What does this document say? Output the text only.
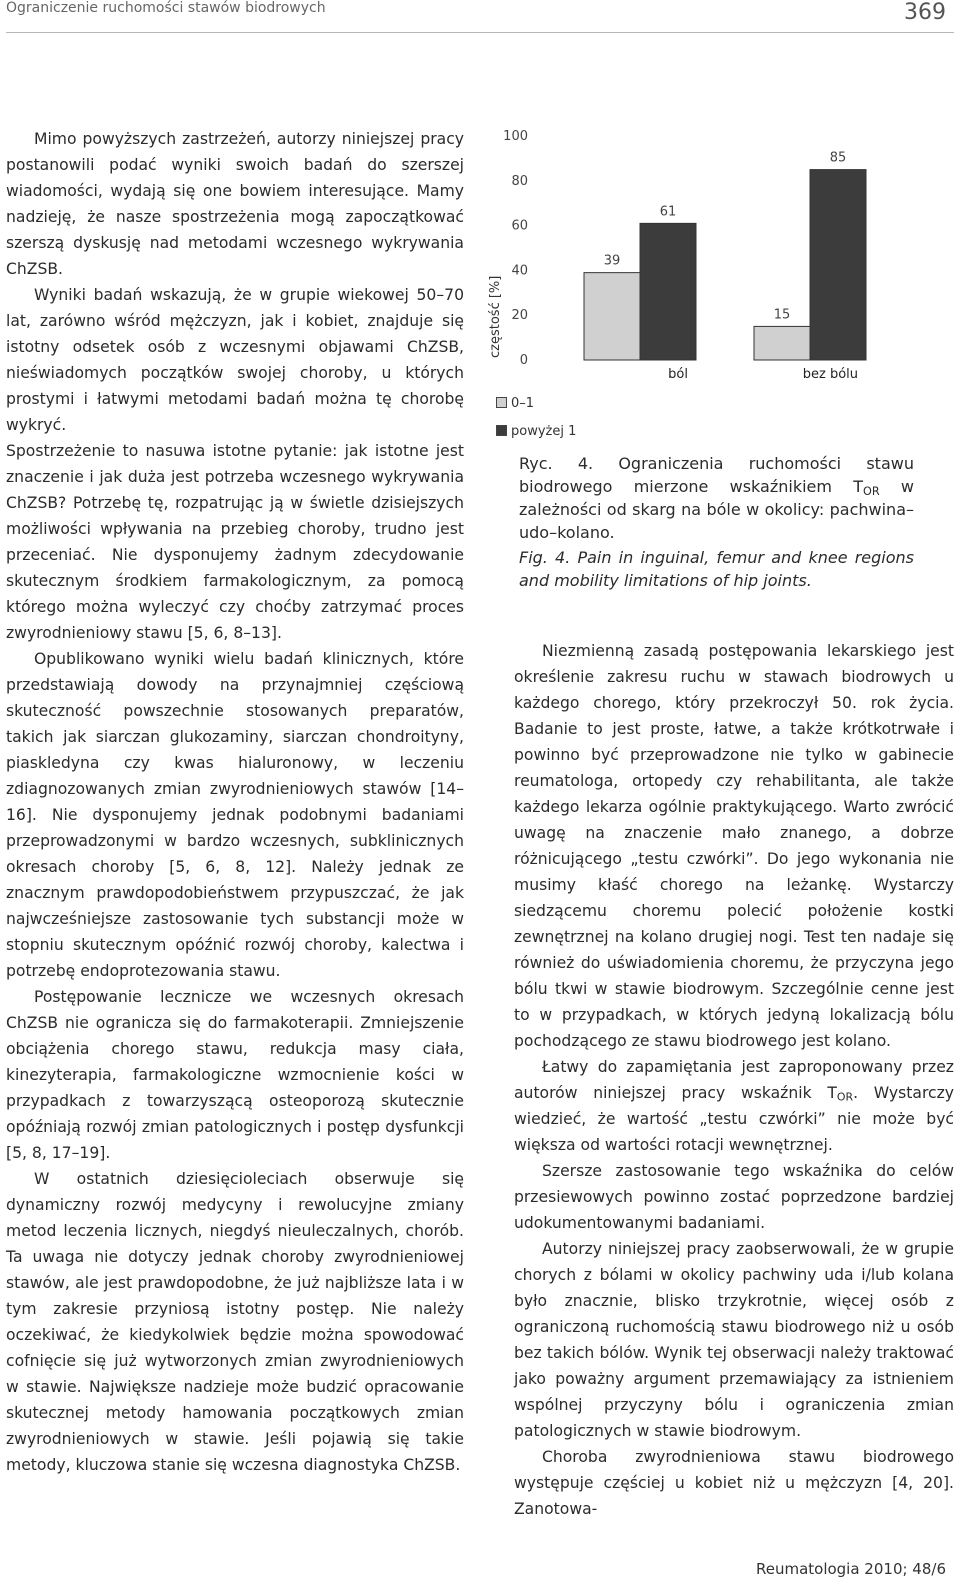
Ograniczenie ruchomości stawów biodrowych	369

Mimo powyższych zastrzeżeń, autorzy niniejszej pracy postanowili podać wyniki swoich badań do szerszej wiadomości, wydają się one bowiem interesujące. Mamy nadzieję, że nasze spostrzeżenia mogą zapoczątkować szerszą dyskusję nad metodami wczesnego wykrywania ChZSB.

Wyniki badań wskazują, że w grupie wiekowej 50–70 lat, zarówno wśród mężczyzn, jak i kobiet, znajduje się istotny odsetek osób z wczesnymi objawami ChZSB, nieświadomych początków swojej choroby, u których prostymi i łatwymi metodami badań można tę chorobę wykryć.

Spostrzeżenie to nasuwa istotne pytanie: jak istotne jest znaczenie i jak duża jest potrzeba wczesnego wykrywania ChZSB? Potrzebę tę, rozpatrując ją w świetle dzisiejszych możliwości wpływania na przebieg choroby, trudno jest przeceniać. Nie dysponujemy żadnym zdecydowanie skutecznym środkiem farmakologicznym, za pomocą którego można wyleczyć czy choćby zatrzymać proces zwyrodnieniowy stawu [5, 6, 8–13].

Opublikowano wyniki wielu badań klinicznych, które przedstawiają dowody na przynajmniej częściową skuteczność powszechnie stosowanych preparatów, takich jak siarczan glukozaminy, siarczan chondroityny, piaskledyna czy kwas hialuronowy, w leczeniu zdiagnozowanych zmian zwyrodnieniowych stawów [14–16]. Nie dysponujemy jednak podobnymi badaniami przeprowadzonymi w bardzo wczesnych, subklinicznych okresach choroby [5, 6, 8, 12]. Należy jednak ze znacznym prawdopodobieństwem przypuszczać, że jak najwcześniejsze zastosowanie tych substancji może w stopniu skutecznym opóźnić rozwój choroby, kalectwa i potrzebę endoprotezowania stawu.

Postępowanie lecznicze we wczesnych okresach ChZSB nie ogranicza się do farmakoterapii. Zmniejszenie obciążenia chorego stawu, redukcja masy ciała, kinezyterapia, farmakologiczne wzmocnienie kości w przypadkach z towarzyszącą osteoporozą skutecznie opóźniają rozwój zmian patologicznych i postęp dysfunkcji [5, 8, 17–19].

W ostatnich dziesięcioleciach obserwuje się dynamiczny rozwój medycyny i rewolucyjne zmiany metod leczenia licznych, niegdyś nieuleczalnych, chorób. Ta uwaga nie dotyczy jednak choroby zwyrodnieniowej stawów, ale jest prawdopodobne, że już najbliższe lata i w tym zakresie przyniosą istotny postęp. Nie należy oczekiwać, że kiedykolwiek będzie można spowodować cofnięcie się już wytworzonych zmian zwyrodnieniowych w stawie. Największe nadzieje może budzić opracowanie skutecznej metody hamowania początkowych zmian zwyrodnieniowych w stawie. Jeśli pojawią się takie metody, kluczowa stanie się wczesna diagnostyka ChZSB.

częstość [%]
0
20
40
60
80
100
39
61
ból
15
85
bez bólu
0–1
powyżej 1

Ryc. 4. Ograniczenia ruchomości stawu biodrowego mierzone wskaźnikiem $T_{OR}$ w zależności od skarg na bóle w okolicy: pachwina–udo–kolano.

Fig. 4. Pain in inguinal, femur and knee regions and mobility limitations of hip joints.

Niezmienną zasadą postępowania lekarskiego jest określenie zakresu ruchu w stawach biodrowych u każdego chorego, który przekroczył 50. rok życia. Badanie to jest proste, łatwe, a także krótkotrwałe i powinno być przeprowadzone nie tylko w gabinecie reumatologa, ortopedy czy rehabilitanta, ale także każdego lekarza ogólnie praktykującego. Warto zwrócić uwagę na znaczenie mało znanego, a dobrze różnicującego „testu czwórki”. Do jego wykonania nie musimy kłaść chorego na leżankę. Wystarczy siedzącemu choremu polecić położenie kostki zewnętrznej na kolano drugiej nogi. Test ten nadaje się również do uświadomienia choremu, że przyczyna jego bólu tkwi w stawie biodrowym. Szczególnie cenne jest to w przypadkach, w których jedyną lokalizacją bólu pochodzącego ze stawu biodrowego jest kolano.

Łatwy do zapamiętania jest zaproponowany przez autorów niniejszej pracy wskaźnik $T_{OR}$. Wystarczy wiedzieć, że wartość „testu czwórki” nie może być większa od wartości rotacji wewnętrznej.

Szersze zastosowanie tego wskaźnika do celów przesiewowych powinno zostać poprzedzone bardziej udokumentowanymi badaniami.

Autorzy niniejszej pracy zaobserwowali, że w grupie chorych z bólami w okolicy pachwiny uda i/lub kolana było znacznie, blisko trzykrotnie, więcej osób z ograniczoną ruchomością stawu biodrowego niż u osób bez takich bólów. Wynik tej obserwacji należy traktować jako poważny argument przemawiający za istnieniem wspólnej przyczyny bólu i ograniczenia zmian patologicznych w stawie biodrowym.

Choroba zwyrodnieniowa stawu biodrowego występuje częściej u kobiet niż u mężczyzn [4, 20]. Zanotowa-

Reumatologia 2010; 48/6
